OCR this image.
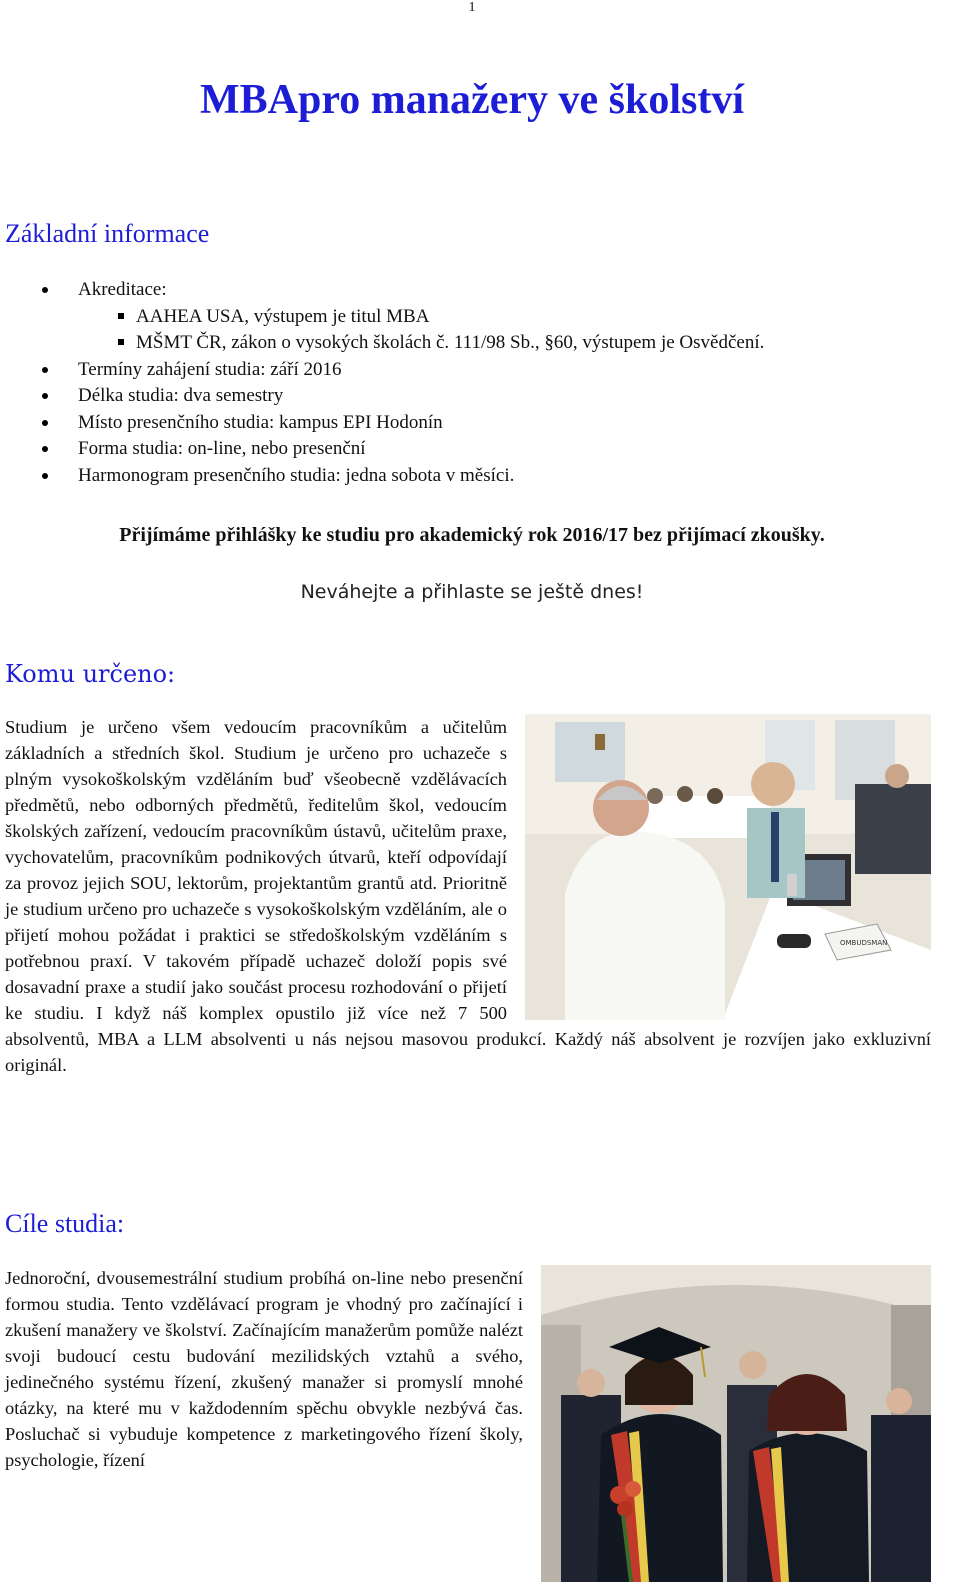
1
MBApro manažery ve školství
Základní informace
Akreditace:
AAHEA USA, výstupem je titul MBA
MŠMT ČR, zákon o vysokých školách č. 111/98 Sb., §60, výstupem je Osvědčení.
Termíny zahájení studia: září 2016
Délka studia: dva semestry
Místo presenčního studia: kampus EPI Hodonín
Forma studia: on-line, nebo presenční
Harmonogram presenčního studia: jedna sobota v měsíci.
Přijímáme přihlášky ke studiu pro akademický rok 2016/17 bez přijímací zkoušky.
Neváhejte a přihlaste se ještě dnes!
Komu určeno:
OMBUDSMAN

Studium je určeno všem vedoucím pracovníkům a učitelům základních a středních škol. Studium je určeno pro uchazeče s plným vysokoškolským vzděláním buď všeobecně vzdělávacích předmětů, nebo odborných předmětů, ředitelům škol, vedoucím školských zařízení, vedoucím pracovníkům ústavů, učitelům praxe, vychovatelům, pracovníkům podnikových útvarů, kteří odpovídají za provoz jejich SOU, lektorům, projektantům grantů atd. Prioritně je studium určeno pro uchazeče s vysokoškolským vzděláním, ale o přijetí mohou požádat i praktici se středoškolským vzděláním s potřebnou praxí. V takovém případě uchazeč doloží popis své dosavadní praxe a studií jako součást procesu rozhodování o přijetí ke studiu. I když náš komplex opustilo již více než 7 500 absolventů, MBA a LLM absolventi u nás nejsou masovou produkcí. Každý náš absolvent je rozvíjen jako exkluzivní originál.

Cíle studia:

Jednoroční, dvousemestrální studium probíhá on-line nebo presenční formou studia. Tento vzdělávací program je vhodný pro začínající i zkušení manažery ve školství. Začínajícím manažerům pomůže nalézt svoji budoucí cestu budování mezilidských vztahů a svého, jedinečného systému řízení, zkušený manažer si promyslí mnohé otázky, na které mu v každodenním spěchu obvykle nezbývá čas. Posluchač si vybuduje kompetence z marketingového řízení školy, psychologie, řízení
